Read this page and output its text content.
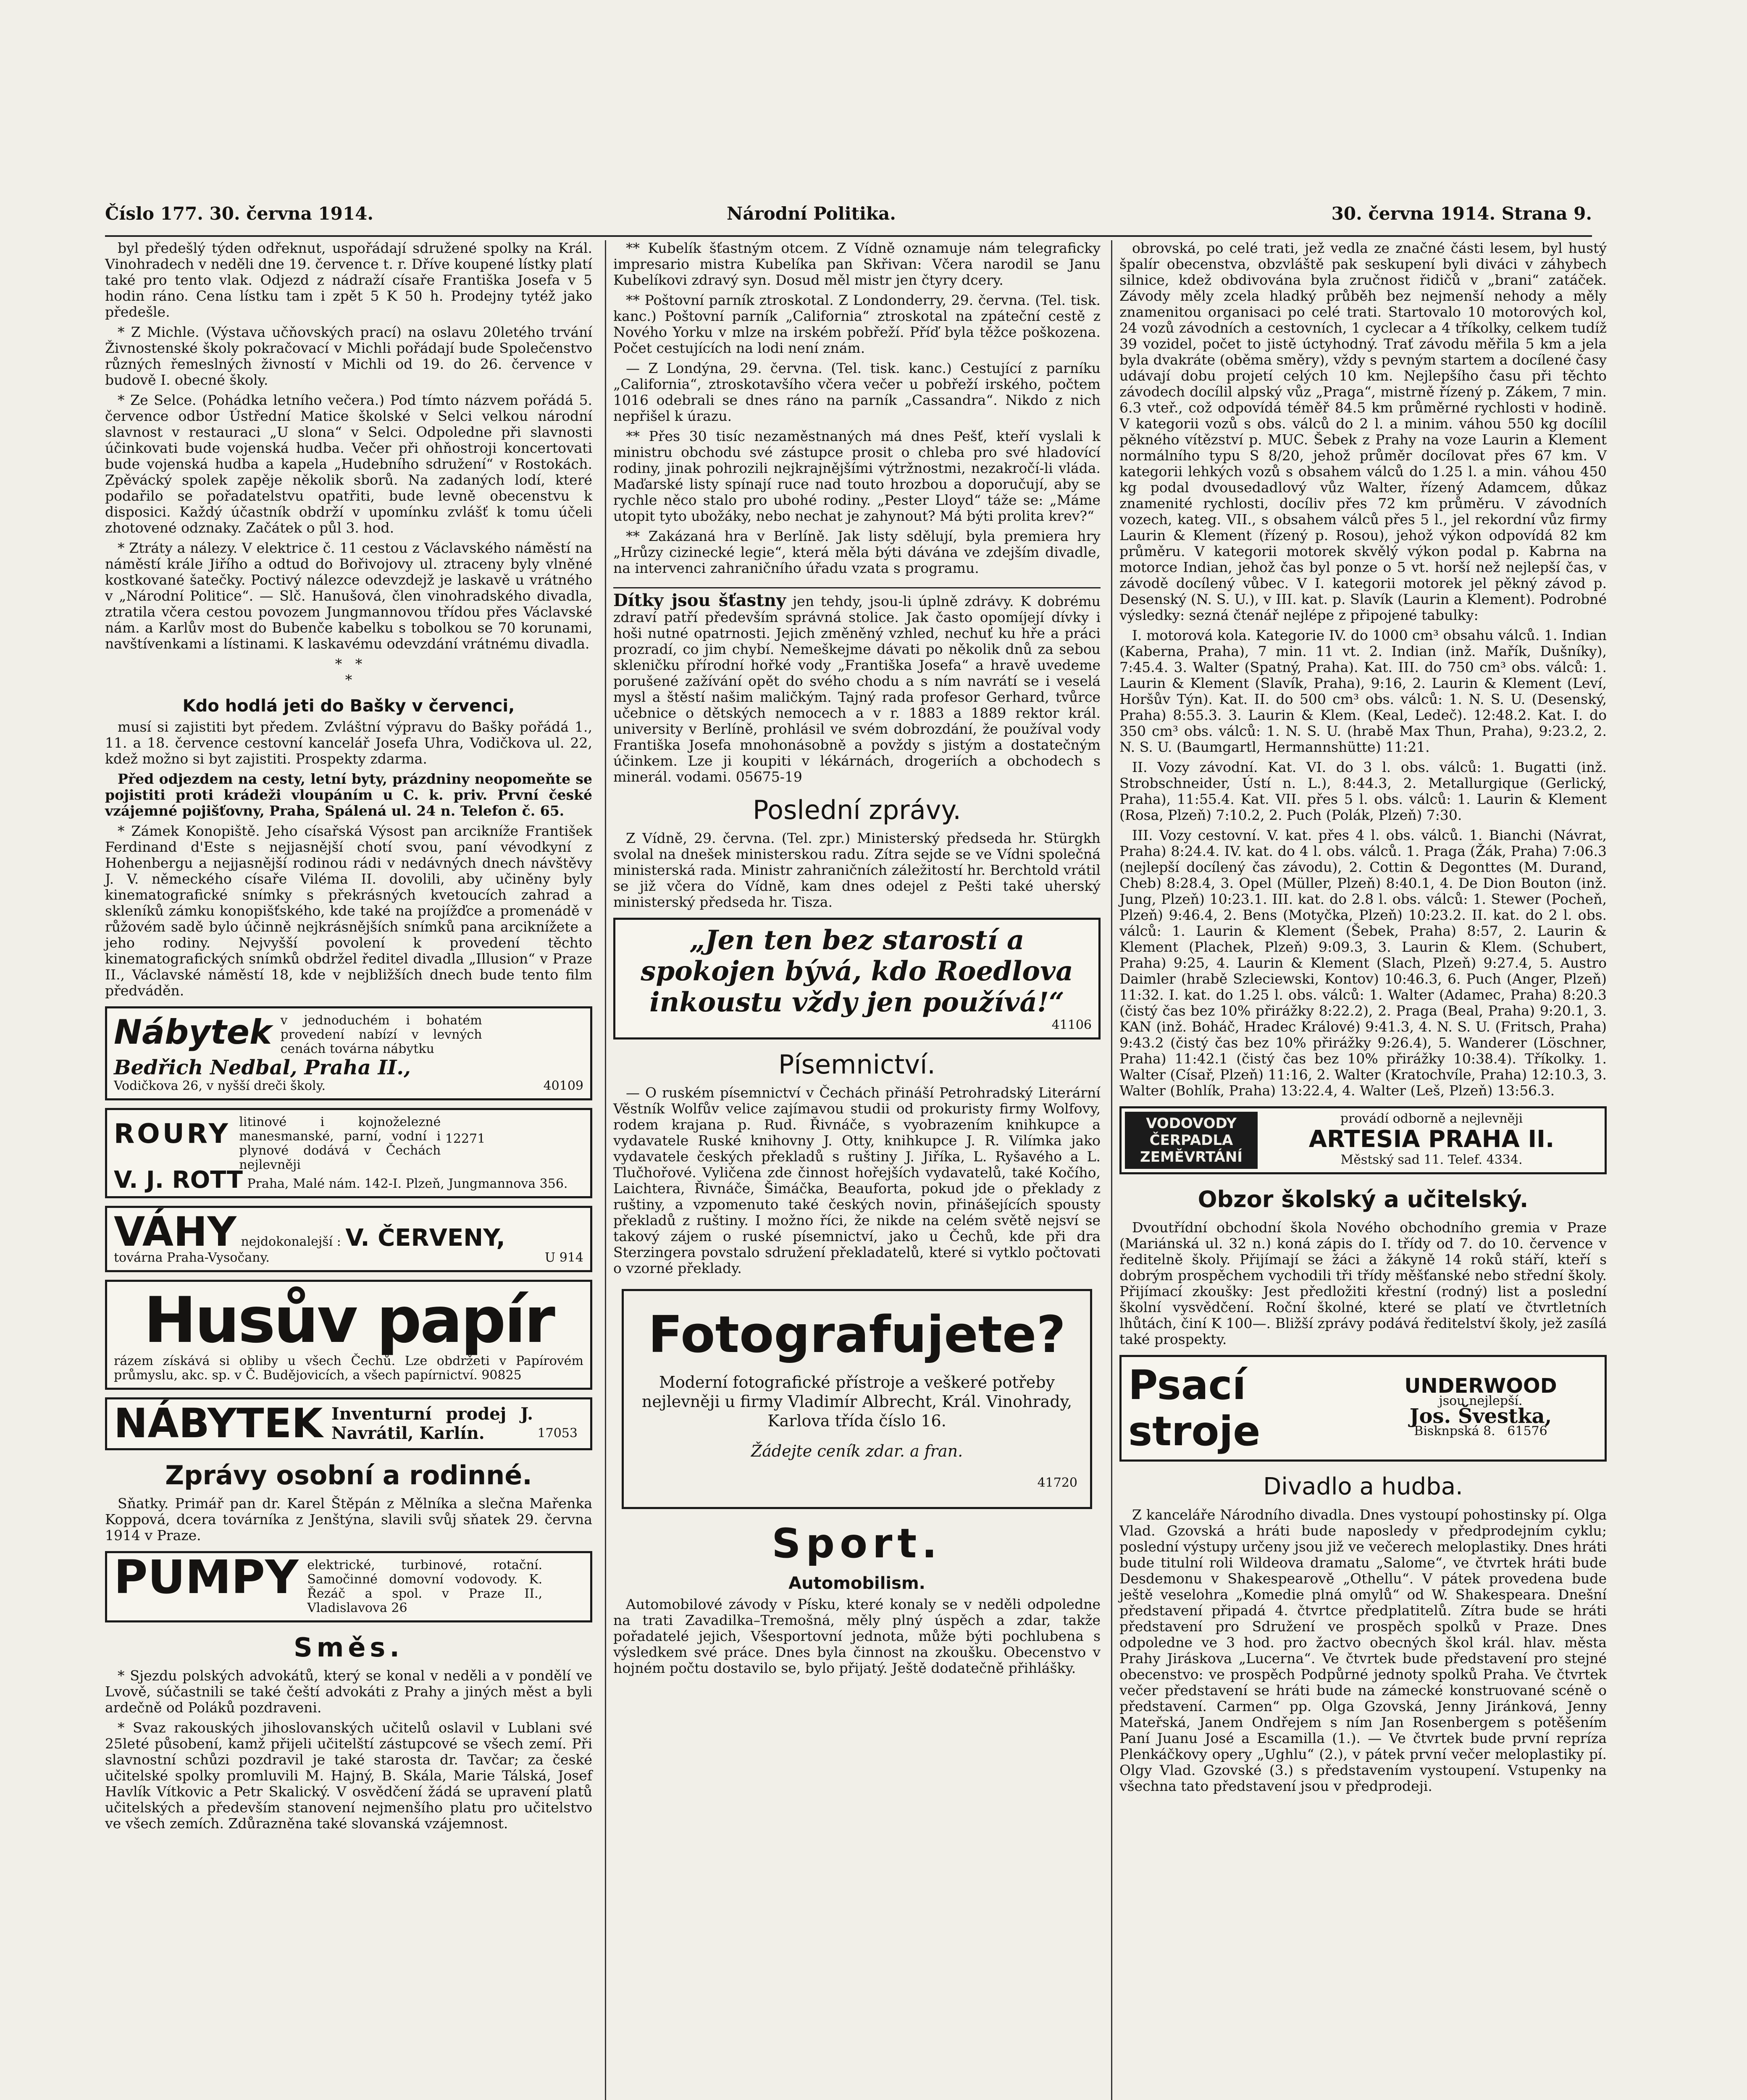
Číslo 177. 30. června 1914.	Národní Politika.	30. června 1914. Strana 9.

byl předešlý týden odřeknut, uspořádají sdružené spolky na Král. Vinohradech v neděli dne 19. července t. r. Dříve koupené lístky platí také pro tento vlak. Odjezd z nádraží císaře Františka Josefa v 5 hodin ráno. Cena lístku tam i zpět 5 K 50 h. Prodejny tytéž jako předešle.

* Z Michle. (Výstava učňovských prací) na oslavu 20letého trvání Živnostenské školy pokračovací v Michli pořádají bude Společenstvo různých řemeslných živností v Michli od 19. do 26. července v budově I. obecné školy.

* Ze Selce. (Pohádka letního večera.) Pod tímto názvem pořádá 5. července odbor Ústřední Matice školské v Selci velkou národní slavnost v restauraci „U slona“ v Selci. Odpoledne při slavnosti účinkovati bude vojenská hudba. Večer při ohňostroji koncertovati bude vojenská hudba a kapela „Hudebního sdružení“ v Rostokách. Zpěvácký spolek zapěje několik sborů. Na zadaných lodí, které podařilo se pořadatelstvu opatřiti, bude levně obecenstvu k disposici. Každý účastník obdrží v upomínku zvlášť k tomu účeli zhotovené odznaky. Začátek o půl 3. hod.

* Ztráty a nálezy. V elektrice č. 11 cestou z Václavského náměstí na náměstí krále Jiřího a odtud do Bořivojovy ul. ztraceny byly vlněné kostkované šatečky. Poctivý nálezce odevzdejž je laskavě u vrátného v „Národní Politice“. — Slč. Hanušová, člen vinohradského divadla, ztratila včera cestou povozem Jungmannovou třídou přes Václavské nám. a Karlův most do Bubenče kabelku s tobolkou se 70 korunami, navštívenkami a lístinami. K laskavému odevzdání vrátnému divadla.

*   *
*
Kdo hodlá jeti do Bašky v červenci,

musí si zajistiti byt předem. Zvláštní výpravu do Bašky pořádá 1., 11. a 18. července cestovní kancelář Josefa Uhra, Vodičkova ul. 22, kdež možno si byt zajistiti. Prospekty zdarma.

Před odjezdem na cesty, letní byty, prázdniny neopomeňte se pojistiti proti krádeži vloupáním u C. k. priv. První české vzájemné pojišťovny, Praha, Spálená ul. 24 n. Telefon č. 65.

* Zámek Konopiště. Jeho císařská Výsost pan arcikníže František Ferdinand d'Este s nejjasnější chotí svou, paní vévodkyní z Hohenbergu a nejjasnější rodinou rádi v nedávných dnech návštěvy J. V. německého císaře Viléma II. dovolili, aby učiněny byly kinematografické snímky s překrásných kvetoucích zahrad a skleníků zámku konopišťského, kde také na projížďce a promenádě v růžovém sadě bylo účinně nejkrásnějších snímků pana arciknížete a jeho rodiny. Nejvyšší povolení k provedení těchto kinematografických snímků obdržel ředitel divadla „Illusion“ v Praze II., Václavské náměstí 18, kde v nejbližších dnech bude tento film předváděn.

Nábytek v jednoduchém i bohatém provedení nabízí v levných cenách továrna nábytku
Bedřich Nedbal, Praha II.,
Vodičkova 26, v nyšší dreči školy.	40109
ROURY litinové i kojnoželezné manesmanské, parní, vodní i plynové dodává v Čechách nejlevněji 12271
V. J. ROTT Praha, Malé nám. 142-I. Plzeň, Jungmannova 356.
VÁHY nejdokonalejší : V. ČERVENY,
továrna Praha-Vysočany.	U 914
Husův papír
rázem získává si obliby u všech Čechů. Lze obdržeti v Papírovém průmyslu, akc. sp. v Č. Budějovicích, a všech papírnictví. 90825
NÁBYTEK Inventurní prodej J. Navrátil, Karlín.	17053
Zprávy osobní a rodinné.

Sňatky. Primář pan dr. Karel Štěpán z Mělníka a slečna Mařenka Koppová, dcera továrníka z Jenštýna, slavili svůj sňatek 29. června 1914 v Praze.

PUMPY elektrické, turbinové, rotační. Samočinné domovní vodovody. K. Řezáč a spol. v Praze II., Vladislavova 26
Směs.

* Sjezdu polských advokátů, který se konal v neděli a v pondělí ve Lvově, súčastnili se také čeští advokáti z Prahy a jiných měst a byli ardečně od Poláků pozdraveni.

* Svaz rakouských jihoslovanských učitelů oslavil v Lublani své 25leté působení, kamž přijeli učitelští zástupcové se všech zemí. Při slavnostní schůzi pozdravil je také starosta dr. Tavčar; za české učitelské spolky promluvili M. Hajný, B. Skála, Marie Tálská, Josef Havlík Vítkovic a Petr Skalický. V osvědčení žádá se upravení platů učitelských a především stanovení nejmenšího platu pro učitelstvo ve všech zemích. Zdůrazněna také slovanská vzájemnost.

** Kubelík šťastným otcem. Z Vídně oznamuje nám telegraficky impresario mistra Kubelíka pan Skřivan: Včera narodil se Janu Kubelíkovi zdravý syn. Dosud měl mistr jen čtyry dcery.

** Poštovní parník ztroskotal. Z Londonderry, 29. června. (Tel. tisk. kanc.) Poštovní parník „California“ ztroskotal na zpáteční cestě z Nového Yorku v mlze na irském pobřeží. Příď byla těžce poškozena. Počet cestujících na lodi není znám.

— Z Londýna, 29. června. (Tel. tisk. kanc.) Cestující z parníku „California“, ztroskotavšího včera večer u pobřeží irského, počtem 1016 odebrali se dnes ráno na parník „Cassandra“. Nikdo z nich nepřišel k úrazu.

** Přes 30 tisíc nezaměstnaných má dnes Pešť, kteří vyslali k ministru obchodu své zástupce prosit o chleba pro své hladovící rodiny, jinak pohrozili nejkrajnějšími výtržnostmi, nezakročí-li vláda. Maďarské listy spínají ruce nad touto hrozbou a doporučují, aby se rychle něco stalo pro ubohé rodiny. „Pester Lloyd“ táže se: „Máme utopit tyto ubožáky, nebo nechat je zahynout? Má býti prolita krev?“

** Zakázaná hra v Berlíně. Jak listy sdělují, byla premiera hry „Hrůzy cizinecké legie“, která měla býti dávána ve zdejším divadle, na intervenci zahraničního úřadu vzata s programu.

Dítky jsou šťastny jen tehdy, jsou-li úplně zdrávy. K dobrému zdraví patří především správná stolice. Jak často opomíjejí dívky i hoši nutné opatrnosti. Jejich změněný vzhled, nechuť ku hře a práci prozradí, co jim chybí. Nemeškejme dávati po několik dnů za sebou skleničku přírodní hořké vody „Františka Josefa“ a hravě uvedeme porušené zažívání opět do svého chodu a s ním navrátí se i veselá mysl a štěstí našim maličkým. Tajný rada profesor Gerhard, tvůrce učebnice o dětských nemocech a v r. 1883 a 1889 rektor král. university v Berlíně, prohlásil ve svém dobrozdání, že používal vody Františka Josefa mnohonásobně a povždy s jistým a dostatečným účinkem. Lze ji koupiti v lékárnách, drogeriích a obchodech s minerál. vodami. 05675-19
Poslední zprávy.

Z Vídně, 29. června. (Tel. zpr.) Ministerský předseda hr. Stürgkh svolal na dnešek ministerskou radu. Zítra sejde se ve Vídni společná ministerská rada. Ministr zahraničních záležitostí hr. Berchtold vrátil se již včera do Vídně, kam dnes odejel z Pešti také uherský ministerský předseda hr. Tisza.

„Jen ten bez starostí a spokojen bývá, kdo Roedlova inkoustu vždy jen používá!“
41106
Písemnictví.

— O ruském písemnictví v Čechách přináší Petrohradský Literární Věstník Wolfův velice zajímavou studii od prokuristy firmy Wolfovy, rodem krajana p. Rud. Řivnáče, s vyobrazením knihkupce a vydavatele Ruské knihovny J. Otty, knihkupce J. R. Vilímka jako vydavatele českých překladů s ruštiny J. Jiříka, L. Ryšavého a L. Tlučhořové. Vyličena zde činnost hořejších vydavatelů, také Kočího, Laichtera, Řivnáče, Šimáčka, Beauforta, pokud jde o překlady z ruštiny, a vzpomenuto také českých novin, přinášejících spousty překladů z ruštiny. I možno říci, že nikde na celém světě nejsví se takový zájem o ruské písemnictví, jako u Čechů, kde při dra Sterzingera povstalo sdružení překladatelů, které si vytklo počtovati o vzorné překlady.

Fotografujete?
Moderní fotografické přístroje a veškeré potřeby nejlevněji u firmy Vladimír Albrecht, Král. Vinohrady, Karlova třída číslo 16.
Žádejte ceník zdar. a fran.
41720
Sport.
Automobilism.

Automobilové závody v Písku, které konaly se v neděli odpoledne na trati Zavadilka–Tremošná, měly plný úspěch a zdar, takže pořadatelé jejich, Všesportovní jednota, může býti pochlubena s výsledkem své práce. Dnes byla činnost na zkoušku. Obecenstvo v hojném počtu dostavilo se, bylo přijatý. Ještě dodatečně přihlášky.

obrovská, po celé trati, jež vedla ze značné části lesem, byl hustý špalír obecenstva, obzvláště pak seskupení byli diváci v záhybech silnice, kdež obdivována byla zručnost řidičů v „brani“ zatáček. Závody měly zcela hladký průběh bez nejmenší nehody a měly znamenitou organisaci po celé trati. Startovalo 10 motorových kol, 24 vozů závodních a cestovních, 1 cyclecar a 4 tříkolky, celkem tudíž 39 vozidel, počet to jistě úctyhodný. Trať závodu měřila 5 km a jela byla dvakráte (oběma směry), vždy s pevným startem a docílené časy udávají dobu projetí celých 10 km. Nejlepšího času při těchto závodech docílil alpský vůz „Praga“, mistrně řízený p. Zákem, 7 min. 6.3 vteř., což odpovídá téměř 84.5 km průměrné rychlosti v hodině. V kategorii vozů s obs. válců do 2 l. a minim. váhou 550 kg docílil pěkného vítězství p. MUC. Šebek z Prahy na voze Laurin a Klement normálního typu S 8/20, jehož průměr docílovat přes 67 km. V kategorii lehkých vozů s obsahem válců do 1.25 l. a min. váhou 450 kg podal dvousedadlový vůz Walter, řízený Adamcem, důkaz znamenité rychlosti, docíliv přes 72 km průměru. V závodních vozech, kateg. VII., s obsahem válců přes 5 l., jel rekordní vůz firmy Laurin & Klement (řízený p. Rosou), jehož výkon odpovídá 82 km průměru. V kategorii motorek skvělý výkon podal p. Kabrna na motorce Indian, jehož čas byl ponze o 5 vt. horší než nejlepší čas, v závodě docílený vůbec. V I. kategorii motorek jel pěkný závod p. Desenský (N. S. U.), v III. kat. p. Slavík (Laurin a Klement). Podrobné výsledky: sezná čtenář nejlépe z připojené tabulky:

I. motorová kola. Kategorie IV. do 1000 cm³ obsahu válců. 1. Indian (Kaberna, Praha), 7 min. 11 vt. 2. Indian (inž. Mařík, Dušníky), 7:45.4. 3. Walter (Spatný, Praha). Kat. III. do 750 cm³ obs. válců: 1. Laurin & Klement (Slavík, Praha), 9:16, 2. Laurin & Klement (Leví, Horšův Týn). Kat. II. do 500 cm³ obs. válců: 1. N. S. U. (Desenský, Praha) 8:55.3. 3. Laurin & Klem. (Keal, Ledeč). 12:48.2. Kat. I. do 350 cm³ obs. válců: 1. N. S. U. (hrabě Max Thun, Praha), 9:23.2, 2. N. S. U. (Baumgartl, Hermannshütte) 11:21.

II. Vozy závodní. Kat. VI. do 3 l. obs. válců: 1. Bugatti (inž. Strobschneider, Ústí n. L.), 8:44.3, 2. Metallurgique (Gerlický, Praha), 11:55.4. Kat. VII. přes 5 l. obs. válců: 1. Laurin & Klement (Rosa, Plzeň) 7:10.2, 2. Puch (Polák, Plzeň) 7:30.

III. Vozy cestovní. V. kat. přes 4 l. obs. válců. 1. Bianchi (Návrat, Praha) 8:24.4. IV. kat. do 4 l. obs. válců. 1. Praga (Žák, Praha) 7:06.3 (nejlepší docílený čas závodu), 2. Cottin & Degonttes (M. Durand, Cheb) 8:28.4, 3. Opel (Müller, Plzeň) 8:40.1, 4. De Dion Bouton (inž. Jung, Plzeň) 10:23.1. III. kat. do 2.8 l. obs. válců: 1. Stewer (Pocheň, Plzeň) 9:46.4, 2. Bens (Motyčka, Plzeň) 10:23.2. II. kat. do 2 l. obs. válců: 1. Laurin & Klement (Šebek, Praha) 8:57, 2. Laurin & Klement (Plachek, Plzeň) 9:09.3, 3. Laurin & Klem. (Schubert, Praha) 9:25, 4. Laurin & Klement (Slach, Plzeň) 9:27.4, 5. Austro Daimler (hrabě Szleciewski, Kontov) 10:46.3, 6. Puch (Anger, Plzeň) 11:32. I. kat. do 1.25 l. obs. válců: 1. Walter (Adamec, Praha) 8:20.3 (čistý čas bez 10% přirážky 8:22.2), 2. Praga (Beal, Praha) 9:20.1, 3. KAN (inž. Boháč, Hradec Králové) 9:41.3, 4. N. S. U. (Fritsch, Praha) 9:43.2 (čistý čas bez 10% přirážky 9:26.4), 5. Wanderer (Löschner, Praha) 11:42.1 (čistý čas bez 10% přirážky 10:38.4). Tříkolky. 1. Walter (Císař, Plzeň) 11:16, 2. Walter (Kratochvíle, Praha) 12:10.3, 3. Walter (Bohlík, Praha) 13:22.4, 4. Walter (Leš, Plzeň) 13:56.3.

VODOVODY ČERPADLA ZEMĚVRTÁNÍ
provádí odborně a nejlevněji
ARTESIA PRAHA II.
Městský sad 11. Telef. 4334.
Obzor školský a učitelský.

Dvoutřídní obchodní škola Nového obchodního gremia v Praze (Mariánská ul. 32 n.) koná zápis do I. třídy od 7. do 10. července v ředitelně školy. Přijímají se žáci a žákyně 14 roků stáří, kteří s dobrým prospěchem vychodili tři třídy měšťanské nebo střední školy. Přijímací zkoušky: Jest předložiti křestní (rodný) list a poslední školní vysvědčení. Roční školné, které se platí ve čtvrtletních lhůtách, činí K 100—. Bližší zprávy podává ředitelství školy, jež zasílá také prospekty.

Psací stroje
UNDERWOOD
jsou nejlepší.
Jos. Švestka,
Bisknpská 8. 61576
Divadlo a hudba.

Z kanceláře Národního divadla. Dnes vystoupí pohostinsky pí. Olga Vlad. Gzovská a hráti bude naposledy v předprodejním cyklu; poslední výstupy určeny jsou již ve večerech meloplastiky. Dnes hráti bude titulní roli Wildeova dramatu „Salome“, ve čtvrtek hráti bude Desdemonu v Shakespearově „Othellu“. V pátek provedena bude ještě veselohra „Komedie plná omylů“ od W. Shakespeara. Dnešní představení připadá 4. čtvrtce předplatitelů. Zítra bude se hráti představení pro Sdružení ve prospěch spolků v Praze. Dnes odpoledne ve 3 hod. pro žactvo obecných škol král. hlav. města Prahy Jiráskova „Lucerna“. Ve čtvrtek bude představení pro stejné obecenstvo: ve prospěch Podpůrné jednoty spolků Praha. Ve čtvrtek večer představení se hráti bude na zámecké konstruované scéně o představení. Carmen“ pp. Olga Gzovská, Jenny Jiránková, Jenny Mateřská, Janem Ondřejem s ním Jan Rosenbergem s potěšením Paní Juanu José a Escamilla (1.). — Ve čtvrtek bude první repríza Plenkáčkovy opery „Ughlu“ (2.), v pátek první večer meloplastiky pí. Olgy Vlad. Gzovské (3.) s představením vystoupení. Vstupenky na všechna tato představení jsou v předprodeji.
